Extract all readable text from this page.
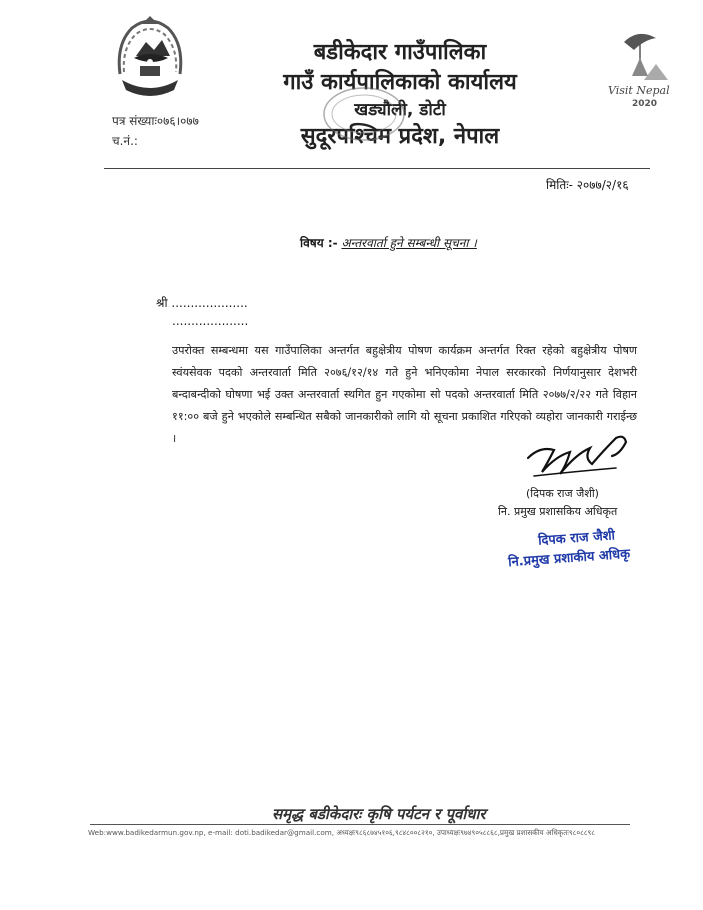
बडीकेदार गाउँपालिका
गाउँ कार्यपालिकाको कार्यालय
खड्यौली, डोटी
सुदूरपश्चिम प्रदेश, नेपाल
Visit Nepal
2020
पत्र संख्याः०७६।०७७
च.नं.:
मितिः- २०७७/२/१६
विषय :- अन्तरवार्ता हुने सम्बन्धी सूचना ।
श्री ....................
....................
उपरोक्त सम्बन्धमा यस गाउँपालिका अन्तर्गत बहुक्षेत्रीय पोषण कार्यक्रम अन्तर्गत रिक्त रहेको बहुक्षेत्रीय पोषण स्वंयसेवक पदको अन्तरवार्ता मिति २०७६/१२/१४ गते हुने भनिएकोमा नेपाल सरकारको निर्णयानुसार देशभरी बन्दाबन्दीको घोषणा भई उक्त अन्तरवार्ता स्थगित हुन गएकोमा सो पदको अन्तरवार्ता मिति २०७७/२/२२ गते विहान ११:०० बजे हुने भएकोले सम्बन्धित सबैको जानकारीको लागि यो सूचना प्रकाशित गरिएको व्यहोरा जानकारी गराईन्छ ।
(दिपक राज जैशी)
नि. प्रमुख प्रशासकिय अधिकृत
दिपक राज जैशी
नि.प्रमुख प्रशाकीय अधिकृ
समृद्ध बडीकेदारः कृषि पर्यटन र पूर्वाधार
Web:www.badikedarmun.gov.np, e-mail: doti.badikedar@gmail.com, अध्यक्षः९८६८७४५१०६,९८४८००८२१०, उपाध्यक्षः९७४९०५८८६८,प्रमुख प्रशासकीय अधिकृतः९८०८८९८
